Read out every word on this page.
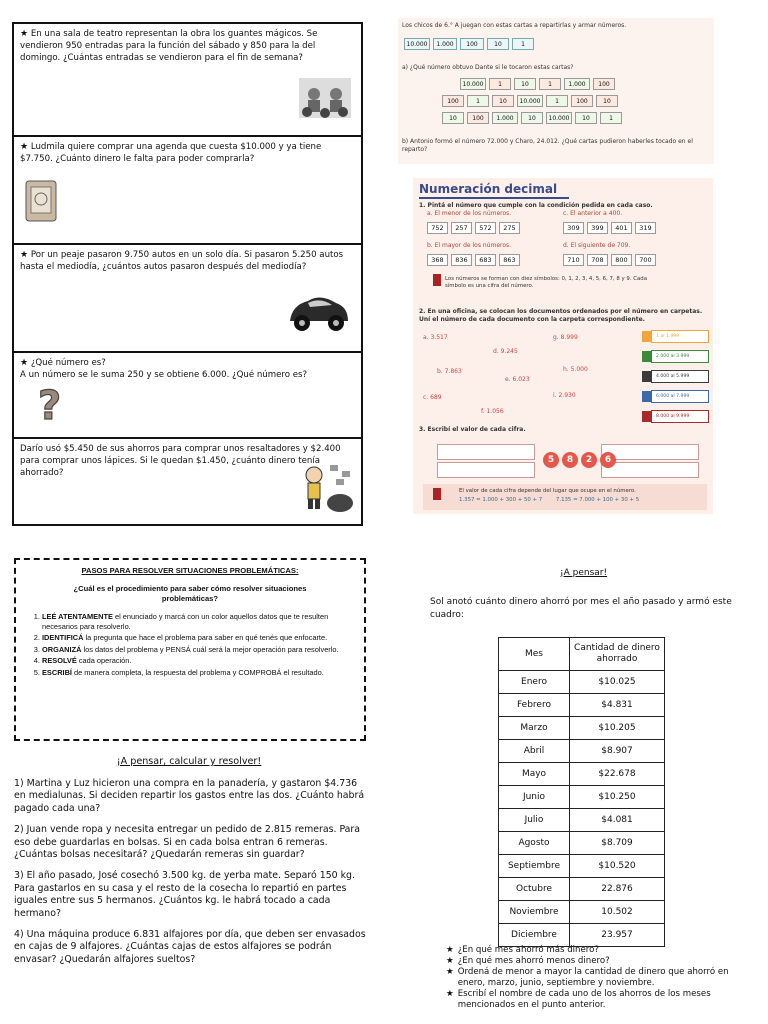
★ En una sala de teatro representan la obra los guantes mágicos. Se vendieron 950 entradas para la función del sábado y 850 para la del domingo. ¿Cuántas entradas se vendieron para el fin de semana?
★ Ludmila quiere comprar una agenda que cuesta $10.000 y ya tiene $7.750. ¿Cuánto dinero le falta para poder comprarla?
★ Por un peaje pasaron 9.750 autos en un solo día. Si pasaron 5.250 autos hasta el mediodía, ¿cuántos autos pasaron después del mediodía?
★ ¿Qué número es?
A un número se le suma 250 y se obtiene 6.000. ¿Qué número es?
?
Darío usó $5.450 de sus ahorros para comprar unos resaltadores y $2.400 para comprar unos lápices. Si le quedan $1.450, ¿cuánto dinero tenía ahorrado?
Los chicos de 6.° A juegan con estas cartas a repartirlas y armar números.
10.000	1.000	100	10	1
a) ¿Qué número obtuvo Dante si le tocaron estas cartas?
10.000	1	10	1	1.000	100
100	1	10	10.000	1	100	10
10	100	1.000	10	10.000	10	1
b) Antonio formó el número 72.000 y Charo, 24.012. ¿Qué cartas pudieron haberles tocado en el reparto?
Numeración decimal
1. Pintá el número que cumple con la condición pedida en cada caso.
a. El menor de los números.	c. El anterior a 400.
752	257	572	275	309	399	401	319
b. El mayor de los números.	d. El siguiente de 709.
368	836	683	863	710	708	800	700
Los números se forman con diez símbolos: 0, 1, 2, 3, 4, 5, 6, 7, 8 y 9. Cada símbolo es una cifra del número.
2. En una oficina, se colocan los documentos ordenados por el número en carpetas. Uní el número de cada documento con la carpeta correspondiente.
a. 3.517
b. 7.863
c. 689
d. 9.245
e. 6.023
f. 1.056
g. 8.999
h. 5.000
i. 2.930
1 al 1.999
2.000 al 3.999
4.000 al 5.999
6.000 al 7.999
8.000 al 9.999
3. Escribí el valor de cada cifra.
5	8	2	6
El valor de cada cifra depende del lugar que ocupe en el número.
1.357 = 1.000 + 300 + 50 + 7        7.135 = 7.000 + 100 + 30 + 5
PASOS PARA RESOLVER SITUACIONES PROBLEMÁTICAS:
¿Cuál es el procedimiento para saber cómo resolver situaciones problemáticas?
1. LEÉ ATENTAMENTE el enunciado y marcá con un color aquellos datos que te resulten necesarios para resolverlo.
2. IDENTIFICÁ la pregunta que hace el problema para saber en qué tenés que enfocarte.
3. ORGANIZÁ los datos del problema y PENSÁ cuál será la mejor operación para resolverlo.
4. RESOLVÉ cada operación.
5. ESCRIBÍ de manera completa, la respuesta del problema y COMPROBÁ el resultado.
¡A pensar, calcular y resolver!

1) Martina y Luz hicieron una compra en la panadería, y gastaron $4.736 en medialunas. Si deciden repartir los gastos entre las dos. ¿Cuánto habrá pagado cada una?

2) Juan vende ropa y necesita entregar un pedido de 2.815 remeras. Para eso debe guardarlas en bolsas. Si en cada bolsa entran 6 remeras. ¿Cuántas bolsas necesitará? ¿Quedarán remeras sin guardar?

3) El año pasado, José cosechó 3.500 kg. de yerba mate. Separó 150 kg. Para gastarlos en su casa y el resto de la cosecha lo repartió en partes iguales entre sus 5 hermanos. ¿Cuántos kg. le habrá tocado a cada hermano?

4) Una máquina produce 6.831 alfajores por día, que deben ser envasados en cajas de 9 alfajores. ¿Cuántas cajas de estos alfajores se podrán envasar? ¿Quedarán alfajores sueltos?

¡A pensar!
Sol anotó cuánto dinero ahorró por mes el año pasado y armó este cuadro:
Mes	Cantidad de dinero ahorrado
Enero	$10.025
Febrero	$4.831
Marzo	$10.205
Abril	$8.907
Mayo	$22.678
Junio	$10.250
Julio	$4.081
Agosto	$8.709
Septiembre	$10.520
Octubre	22.876
Noviembre	10.502
Diciembre	23.957
★ ¿En qué mes ahorró más dinero?
★ ¿En qué mes ahorró menos dinero?
★ Ordená de menor a mayor la cantidad de dinero que ahorró en enero, marzo, junio, septiembre y noviembre.
★ Escribí el nombre de cada uno de los ahorros de los meses mencionados en el punto anterior.
